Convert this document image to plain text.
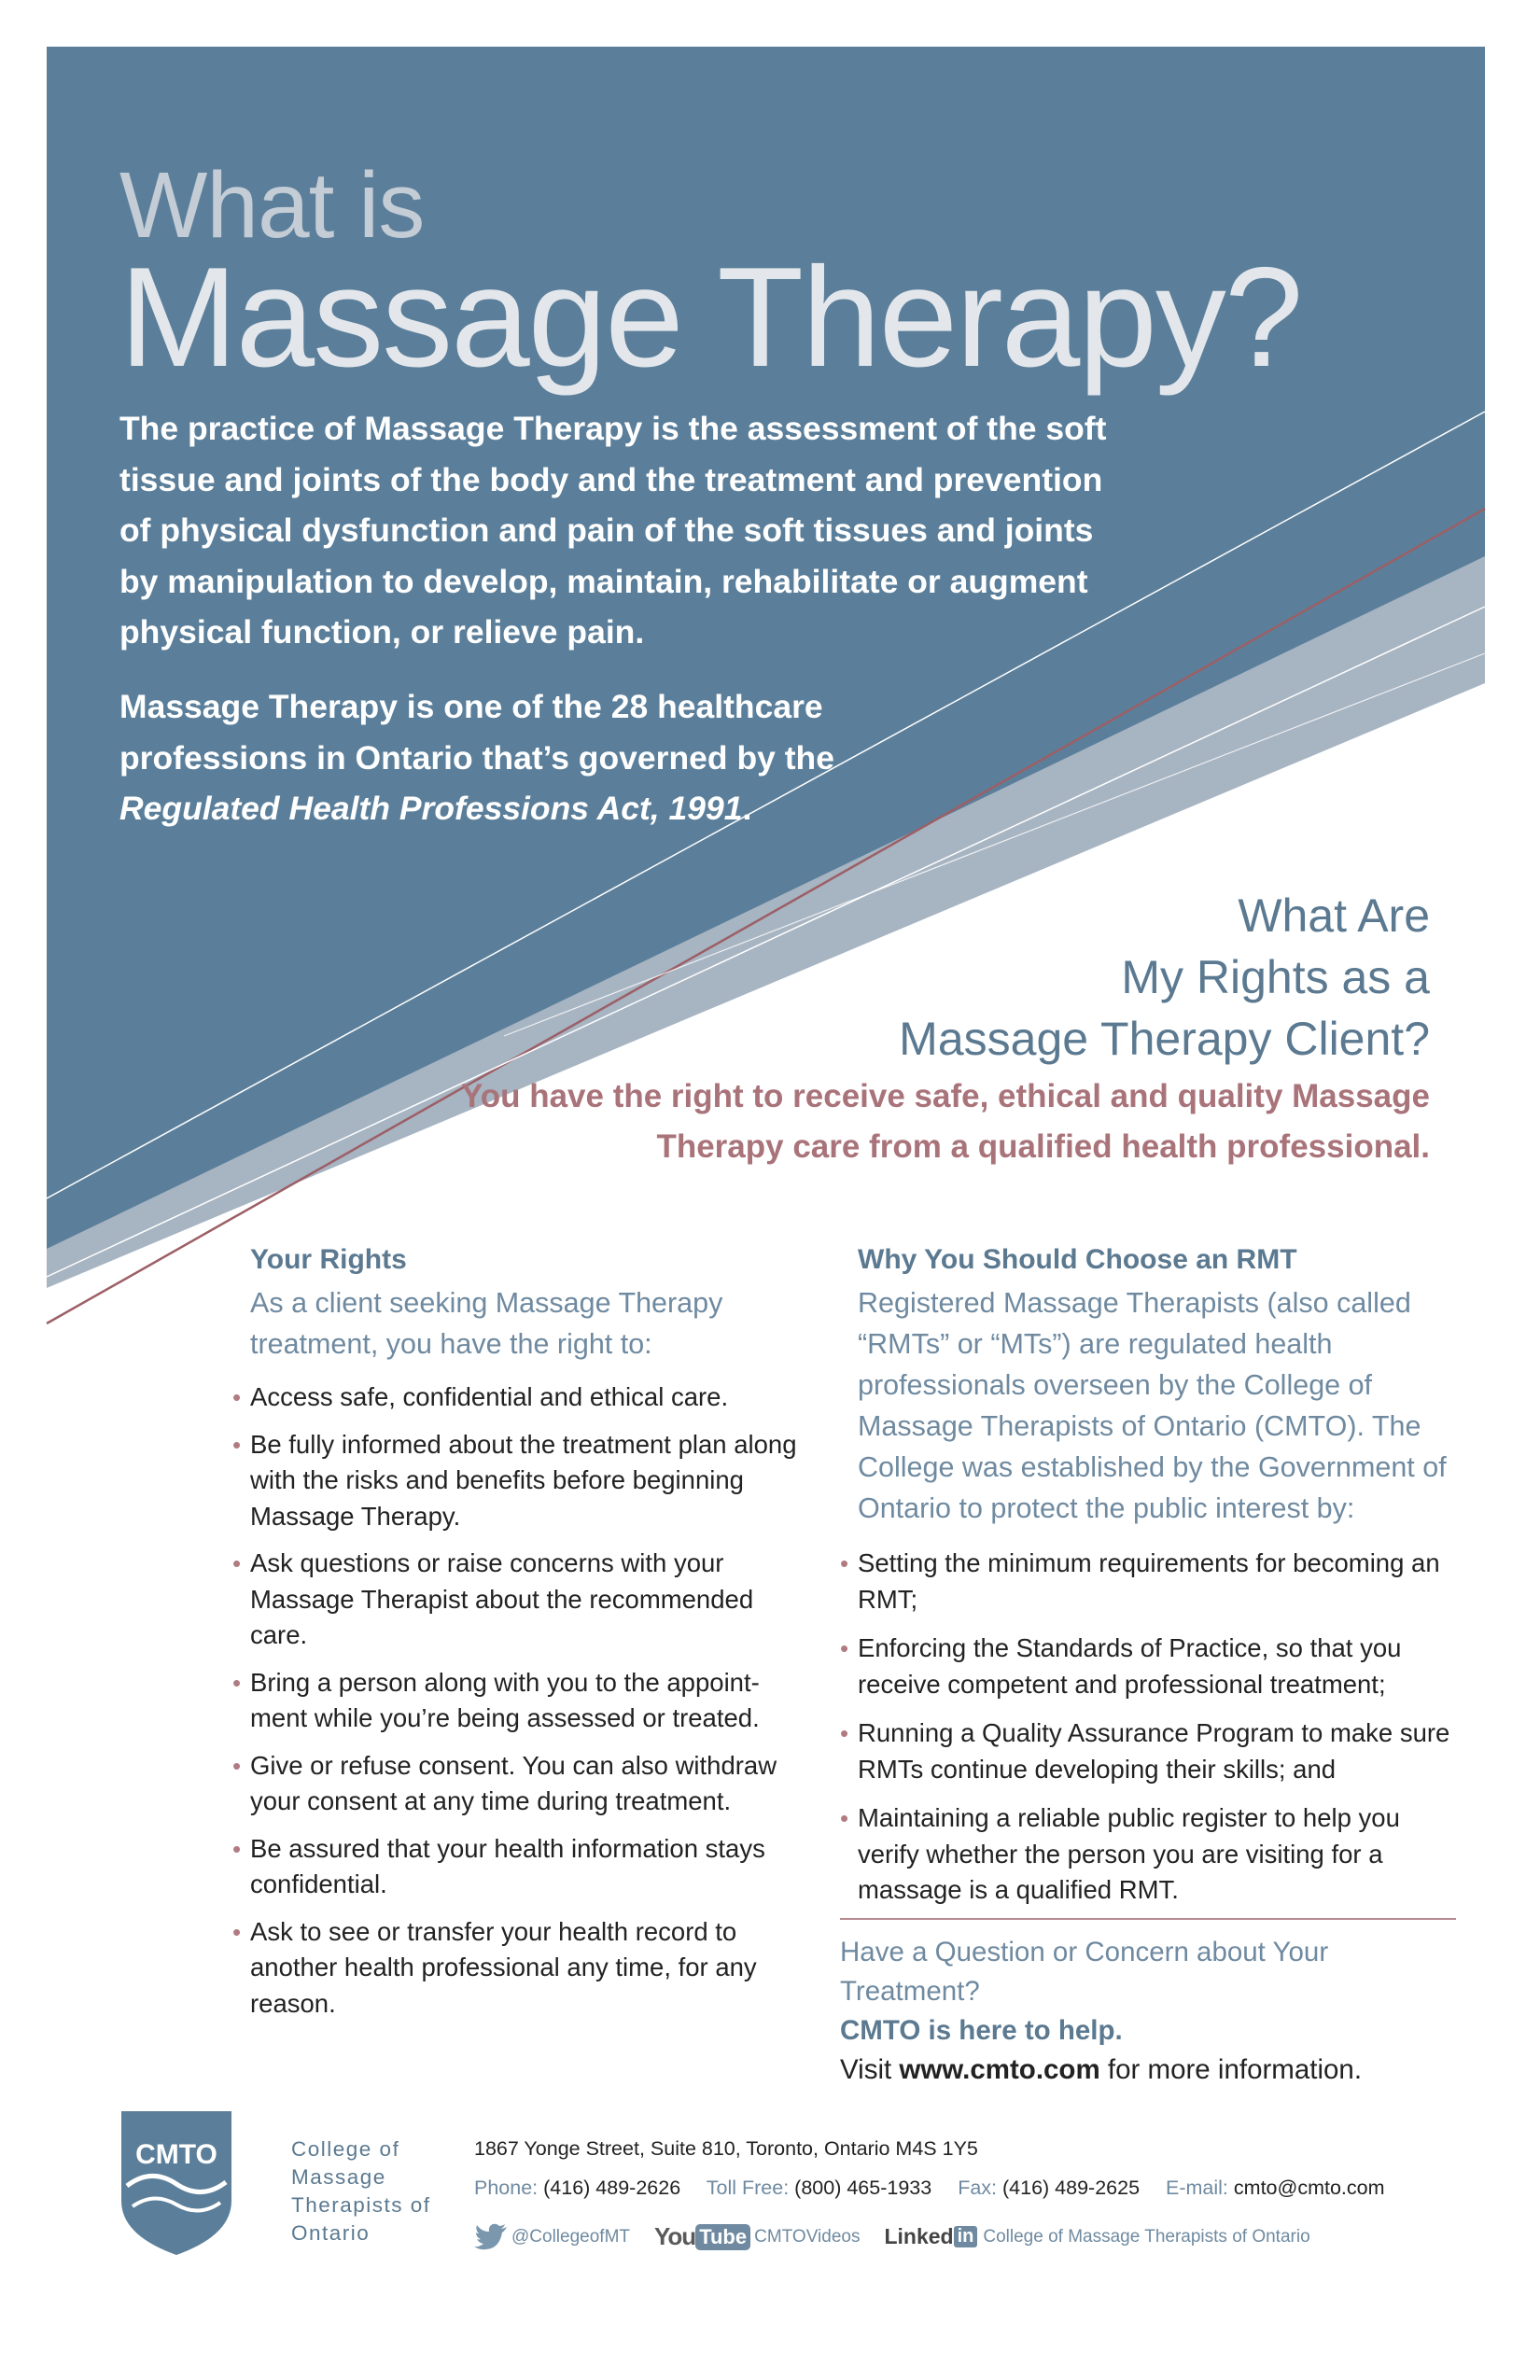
What is
Massage Therapy?
The practice of Massage Therapy is the assessment of the soft tissue and joints of the body and the treatment and prevention of physical dysfunction and pain of the soft tissues and joints by manipulation to develop, maintain, rehabilitate or augment physical function, or relieve pain.
Massage Therapy is one of the 28 healthcare professions in Ontario that’s governed by the Regulated Health Professions Act, 1991.
What Are
My Rights as a
Massage Therapy Client?
You have the right to receive safe, ethical and quality Massage Therapy care from a qualified health professional.
Your Rights
As a client seeking Massage Therapy treatment, you have the right to:
• Access safe, confidential and ethical care.
• Be fully informed about the treatment plan along with the risks and benefits before beginning Massage Therapy.
• Ask questions or raise concerns with your Massage Therapist about the recommended care.
• Bring a person along with you to the appoint-ment while you’re being assessed or treated.
• Give or refuse consent. You can also withdraw your consent at any time during treatment.
• Be assured that your health information stays confidential.
• Ask to see or transfer your health record to another health professional any time, for any reason.
Why You Should Choose an RMT
Registered Massage Therapists (also called “RMTs” or “MTs”) are regulated health professionals overseen by the College of Massage Therapists of Ontario (CMTO). The College was established by the Government of Ontario to protect the public interest by:
• Setting the minimum requirements for becoming an RMT;
• Enforcing the Standards of Practice, so that you receive competent and professional treatment;
• Running a Quality Assurance Program to make sure RMTs continue developing their skills; and
• Maintaining a reliable public register to help you verify whether the person you are visiting for a massage is a qualified RMT.
Have a Question or Concern about Your Treatment?
CMTO is here to help.
Visit www.cmto.com for more information.
CMTO	College of
Massage
Therapists of
Ontario
1867 Yonge Street, Suite 810, Toronto, Ontario M4S 1Y5
Phone: (416) 489-2626 Toll Free: (800) 465-1933 Fax: (416) 489-2625 E-mail: cmto@cmto.com
@CollegeofMT You Tube CMTOVideos Linked in College of Massage Therapists of Ontario
